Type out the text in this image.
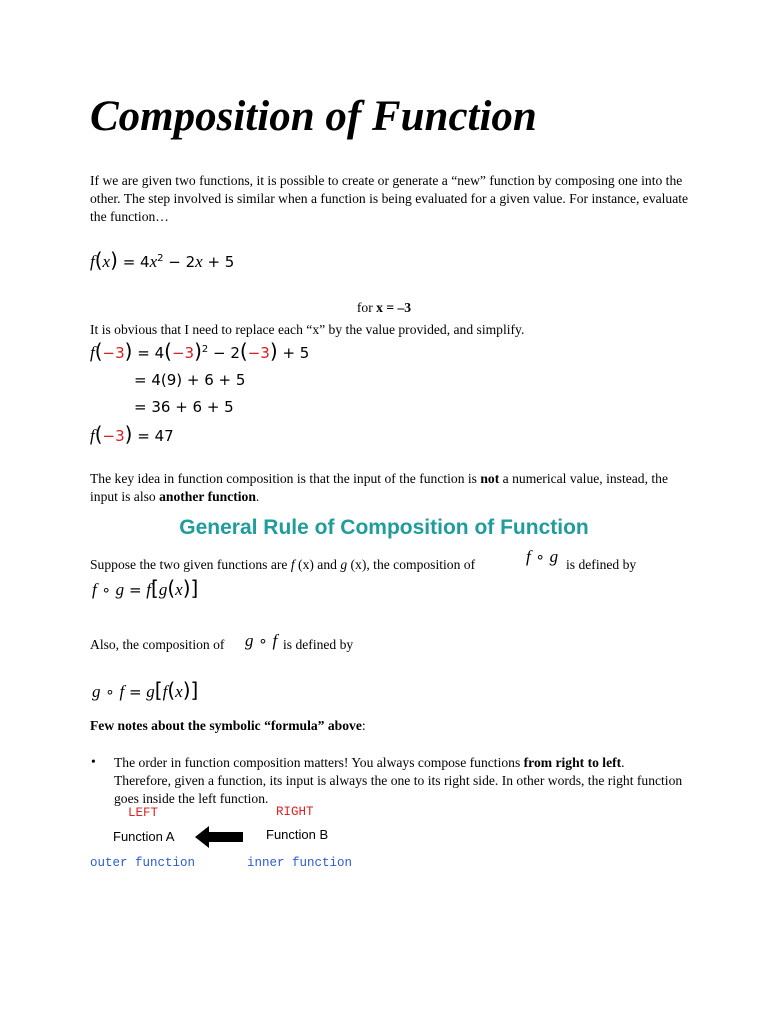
Composition of Function
If we are given two functions, it is possible to create or generate a “new” function by composing one into the other. The step involved is similar when a function is being evaluated for a given value. For instance, evaluate the function…
$f(x) = 4x^2 - 2x + 5$
for x = –3
It is obvious that I need to replace each “x” by the value provided, and simplify.
$f(-3) = 4(-3)^2 - 2(-3) + 5$
= 4(9) + 6 + 5
= 36 + 6 + 5
f(−3) = 47
The key idea in function composition is that the input of the function is not a numerical value, instead, the input is also another function.
General Rule of Composition of Function
Suppose the two given functions are f (x) and g (x), the composition of	f ∘ g is defined by
f ∘ g = f[g(x)]
Also, the composition of g ∘ f is defined by
g ∘ f = g[f(x)]
Few notes about the symbolic “formula” above:
• The order in function composition matters! You always compose functions from right to left. Therefore, given a function, its input is always the one to its right side. In other words, the right function goes inside the left function.
LEFT	RIGHT
Function A	Function B
outer function	inner function
